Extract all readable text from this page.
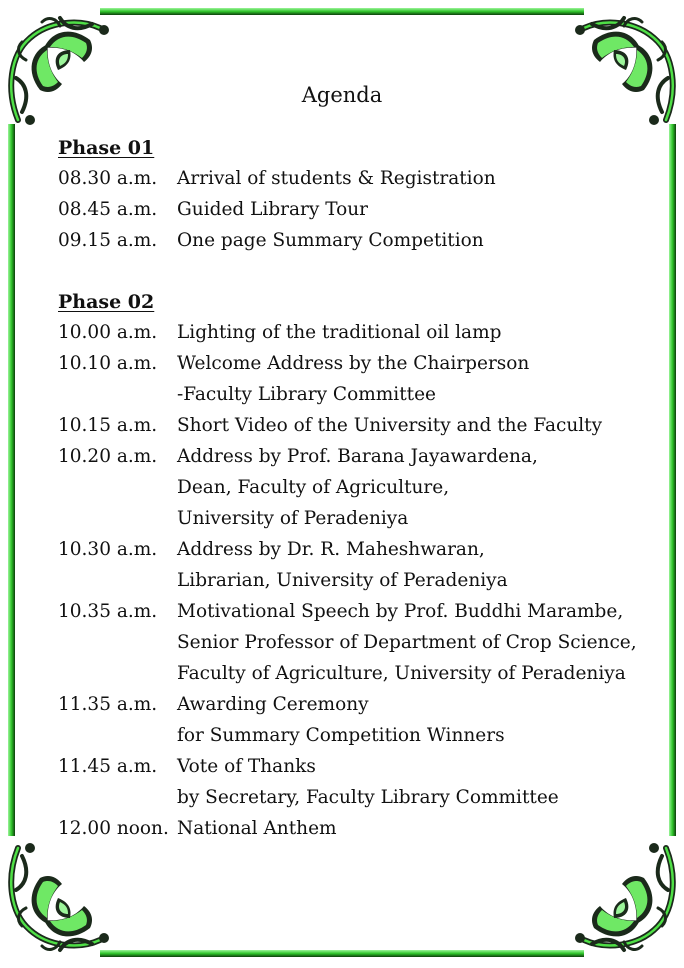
Agenda
Phase 01
08.30 a.m.	Arrival of students & Registration
08.45 a.m.	Guided Library Tour
09.15 a.m.	One page Summary Competition
Phase 02
10.00 a.m.	Lighting of the traditional oil lamp
10.10 a.m.	Welcome Address by the Chairperson
-Faculty Library Committee
10.15 a.m.	Short Video of the University and the Faculty
10.20 a.m.	Address by Prof. Barana Jayawardena,
Dean, Faculty of Agriculture,
University of Peradeniya
10.30 a.m.	Address by Dr. R. Maheshwaran,
Librarian, University of Peradeniya
10.35 a.m.	Motivational Speech by Prof. Buddhi Marambe,
Senior Professor of Department of Crop Science,
Faculty of Agriculture, University of Peradeniya
11.35 a.m.	Awarding Ceremony
for Summary Competition Winners
11.45 a.m.	Vote of Thanks
by Secretary, Faculty Library Committee
12.00 noon. National Anthem
